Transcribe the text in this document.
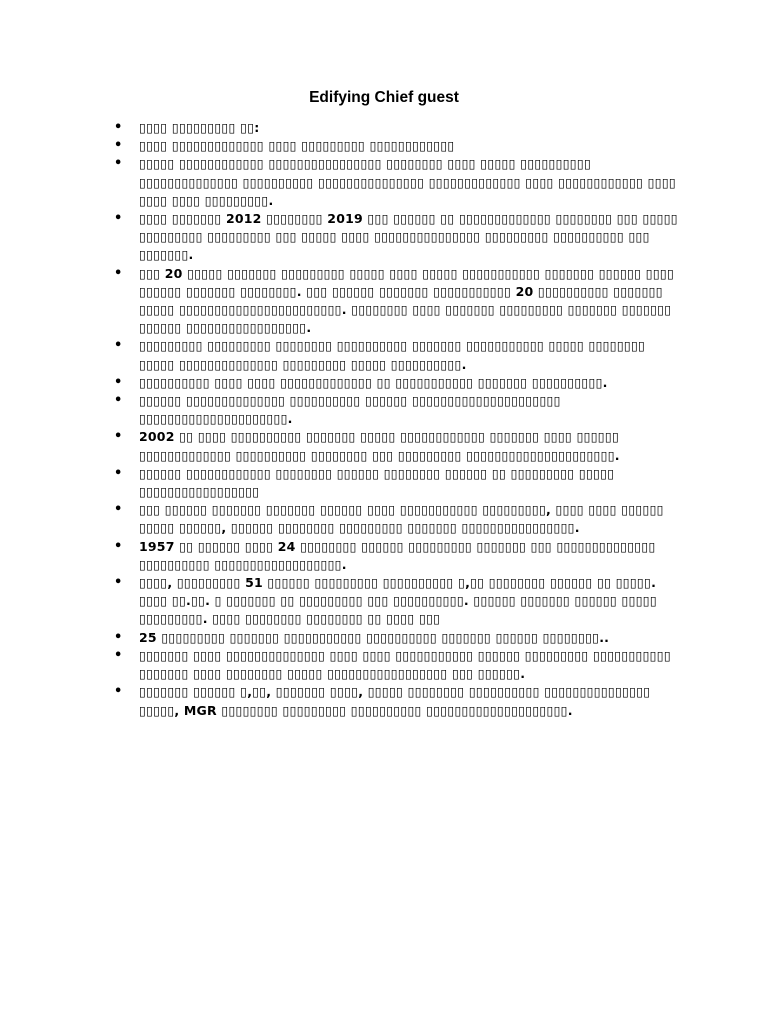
Edifying Chief guest
•	▯▯▯▯ ▯▯▯▯▯▯▯▯▯ ▯▯:
•	▯▯▯▯ ▯▯▯▯▯▯▯▯▯▯▯▯▯ ▯▯▯▯ ▯▯▯▯▯▯▯▯▯ ▯▯▯▯▯▯▯▯▯▯▯▯
•	▯▯▯▯▯ ▯▯▯▯▯▯▯▯▯▯▯▯ ▯▯▯▯▯▯▯▯▯▯▯▯▯▯▯▯ ▯▯▯▯▯▯▯▯ ▯▯▯▯ ▯▯▯▯▯ ▯▯▯▯▯▯▯▯▯▯ ▯▯▯▯▯▯▯▯▯▯▯▯▯▯ ▯▯▯▯▯▯▯▯▯▯ ▯▯▯▯▯▯▯▯▯▯▯▯▯▯▯ ▯▯▯▯▯▯▯▯▯▯▯▯▯ ▯▯▯▯ ▯▯▯▯▯▯▯▯▯▯▯▯ ▯▯▯▯ ▯▯▯▯ ▯▯▯▯ ▯▯▯▯▯▯▯▯▯.
•	▯▯▯▯ ▯▯▯▯▯▯▯ 2012 ▯▯▯▯▯▯▯▯ 2019 ▯▯▯ ▯▯▯▯▯▯ ▯▯ ▯▯▯▯▯▯▯▯▯▯▯▯▯ ▯▯▯▯▯▯▯▯ ▯▯▯ ▯▯▯▯▯ ▯▯▯▯▯▯▯▯▯ ▯▯▯▯▯▯▯▯▯ ▯▯▯ ▯▯▯▯▯ ▯▯▯▯ ▯▯▯▯▯▯▯▯▯▯▯▯▯▯▯ ▯▯▯▯▯▯▯▯▯ ▯▯▯▯▯▯▯▯▯▯ ▯▯▯ ▯▯▯▯▯▯▯.
•	▯▯▯ 20 ▯▯▯▯▯ ▯▯▯▯▯▯▯ ▯▯▯▯▯▯▯▯▯ ▯▯▯▯▯ ▯▯▯▯ ▯▯▯▯▯ ▯▯▯▯▯▯▯▯▯▯▯ ▯▯▯▯▯▯▯ ▯▯▯▯▯▯ ▯▯▯▯ ▯▯▯▯▯▯ ▯▯▯▯▯▯▯ ▯▯▯▯▯▯▯▯. ▯▯▯ ▯▯▯▯▯▯ ▯▯▯▯▯▯▯ ▯▯▯▯▯▯▯▯▯▯▯ 20 ▯▯▯▯▯▯▯▯▯▯ ▯▯▯▯▯▯▯ ▯▯▯▯▯ ▯▯▯▯▯▯▯▯▯▯▯▯▯▯▯▯▯▯▯▯▯▯▯. ▯▯▯▯▯▯▯▯ ▯▯▯▯ ▯▯▯▯▯▯▯ ▯▯▯▯▯▯▯▯▯ ▯▯▯▯▯▯▯ ▯▯▯▯▯▯▯ ▯▯▯▯▯▯ ▯▯▯▯▯▯▯▯▯▯▯▯▯▯▯▯▯.
•	▯▯▯▯▯▯▯▯▯ ▯▯▯▯▯▯▯▯▯ ▯▯▯▯▯▯▯▯ ▯▯▯▯▯▯▯▯▯▯ ▯▯▯▯▯▯▯ ▯▯▯▯▯▯▯▯▯▯▯ ▯▯▯▯▯ ▯▯▯▯▯▯▯▯ ▯▯▯▯▯ ▯▯▯▯▯▯▯▯▯▯▯▯▯▯ ▯▯▯▯▯▯▯▯▯ ▯▯▯▯▯ ▯▯▯▯▯▯▯▯▯▯.
•	▯▯▯▯▯▯▯▯▯▯ ▯▯▯▯ ▯▯▯▯ ▯▯▯▯▯▯▯▯▯▯▯▯▯ ▯▯ ▯▯▯▯▯▯▯▯▯▯▯ ▯▯▯▯▯▯▯ ▯▯▯▯▯▯▯▯▯▯.
•	▯▯▯▯▯▯ ▯▯▯▯▯▯▯▯▯▯▯▯▯▯ ▯▯▯▯▯▯▯▯▯▯ ▯▯▯▯▯▯ ▯▯▯▯▯▯▯▯▯▯▯▯▯▯▯▯▯▯▯▯▯ ▯▯▯▯▯▯▯▯▯▯▯▯▯▯▯▯▯▯▯▯▯.
•	2002 ▯▯ ▯▯▯▯ ▯▯▯▯▯▯▯▯▯▯ ▯▯▯▯▯▯▯ ▯▯▯▯▯ ▯▯▯▯▯▯▯▯▯▯▯▯ ▯▯▯▯▯▯▯ ▯▯▯▯ ▯▯▯▯▯▯ ▯▯▯▯▯▯▯▯▯▯▯▯▯ ▯▯▯▯▯▯▯▯▯▯ ▯▯▯▯▯▯▯▯ ▯▯▯ ▯▯▯▯▯▯▯▯▯ ▯▯▯▯▯▯▯▯▯▯▯▯▯▯▯▯▯▯▯▯▯.
•	▯▯▯▯▯▯ ▯▯▯▯▯▯▯▯▯▯▯▯ ▯▯▯▯▯▯▯▯ ▯▯▯▯▯▯ ▯▯▯▯▯▯▯▯ ▯▯▯▯▯▯ ▯▯ ▯▯▯▯▯▯▯▯▯ ▯▯▯▯▯ ▯▯▯▯▯▯▯▯▯▯▯▯▯▯▯▯▯
•	▯▯▯ ▯▯▯▯▯▯ ▯▯▯▯▯▯▯ ▯▯▯▯▯▯▯ ▯▯▯▯▯▯ ▯▯▯▯ ▯▯▯▯▯▯▯▯▯▯▯ ▯▯▯▯▯▯▯▯▯, ▯▯▯▯ ▯▯▯▯ ▯▯▯▯▯▯ ▯▯▯▯▯ ▯▯▯▯▯▯, ▯▯▯▯▯▯ ▯▯▯▯▯▯▯▯ ▯▯▯▯▯▯▯▯▯ ▯▯▯▯▯▯▯ ▯▯▯▯▯▯▯▯▯▯▯▯▯▯▯▯.
•	1957 ▯▯ ▯▯▯▯▯▯ ▯▯▯▯ 24 ▯▯▯▯▯▯▯▯ ▯▯▯▯▯▯ ▯▯▯▯▯▯▯▯▯ ▯▯▯▯▯▯▯ ▯▯▯ ▯▯▯▯▯▯▯▯▯▯▯▯▯▯ ▯▯▯▯▯▯▯▯▯▯ ▯▯▯▯▯▯▯▯▯▯▯▯▯▯▯▯▯▯.
•	▯▯▯▯, ▯▯▯▯▯▯▯▯▯ 51 ▯▯▯▯▯▯ ▯▯▯▯▯▯▯▯▯ ▯▯▯▯▯▯▯▯▯▯ ▯,▯▯ ▯▯▯▯▯▯▯▯ ▯▯▯▯▯▯ ▯▯ ▯▯▯▯▯. ▯▯▯▯ ▯▯.▯▯. ▯ ▯▯▯▯▯▯▯ ▯▯ ▯▯▯▯▯▯▯▯▯ ▯▯▯ ▯▯▯▯▯▯▯▯▯▯. ▯▯▯▯▯▯ ▯▯▯▯▯▯▯ ▯▯▯▯▯▯ ▯▯▯▯▯ ▯▯▯▯▯▯▯▯▯. ▯▯▯▯ ▯▯▯▯▯▯▯▯ ▯▯▯▯▯▯▯▯ ▯▯ ▯▯▯▯ ▯▯▯
•	25 ▯▯▯▯▯▯▯▯▯ ▯▯▯▯▯▯▯ ▯▯▯▯▯▯▯▯▯▯▯ ▯▯▯▯▯▯▯▯▯▯ ▯▯▯▯▯▯▯ ▯▯▯▯▯▯ ▯▯▯▯▯▯▯▯..
•	▯▯▯▯▯▯▯ ▯▯▯▯ ▯▯▯▯▯▯▯▯▯▯▯▯▯▯ ▯▯▯▯ ▯▯▯▯ ▯▯▯▯▯▯▯▯▯▯▯ ▯▯▯▯▯▯ ▯▯▯▯▯▯▯▯▯ ▯▯▯▯▯▯▯▯▯▯▯ ▯▯▯▯▯▯▯ ▯▯▯▯ ▯▯▯▯▯▯▯▯ ▯▯▯▯▯ ▯▯▯▯▯▯▯▯▯▯▯▯▯▯▯▯▯ ▯▯▯ ▯▯▯▯▯▯.
•	▯▯▯▯▯▯▯ ▯▯▯▯▯▯ ▯,▯▯, ▯▯▯▯▯▯▯ ▯▯▯▯, ▯▯▯▯▯ ▯▯▯▯▯▯▯▯ ▯▯▯▯▯▯▯▯▯▯ ▯▯▯▯▯▯▯▯▯▯▯▯▯▯▯ ▯▯▯▯▯, MGR ▯▯▯▯▯▯▯▯ ▯▯▯▯▯▯▯▯▯ ▯▯▯▯▯▯▯▯▯▯ ▯▯▯▯▯▯▯▯▯▯▯▯▯▯▯▯▯▯▯▯.
